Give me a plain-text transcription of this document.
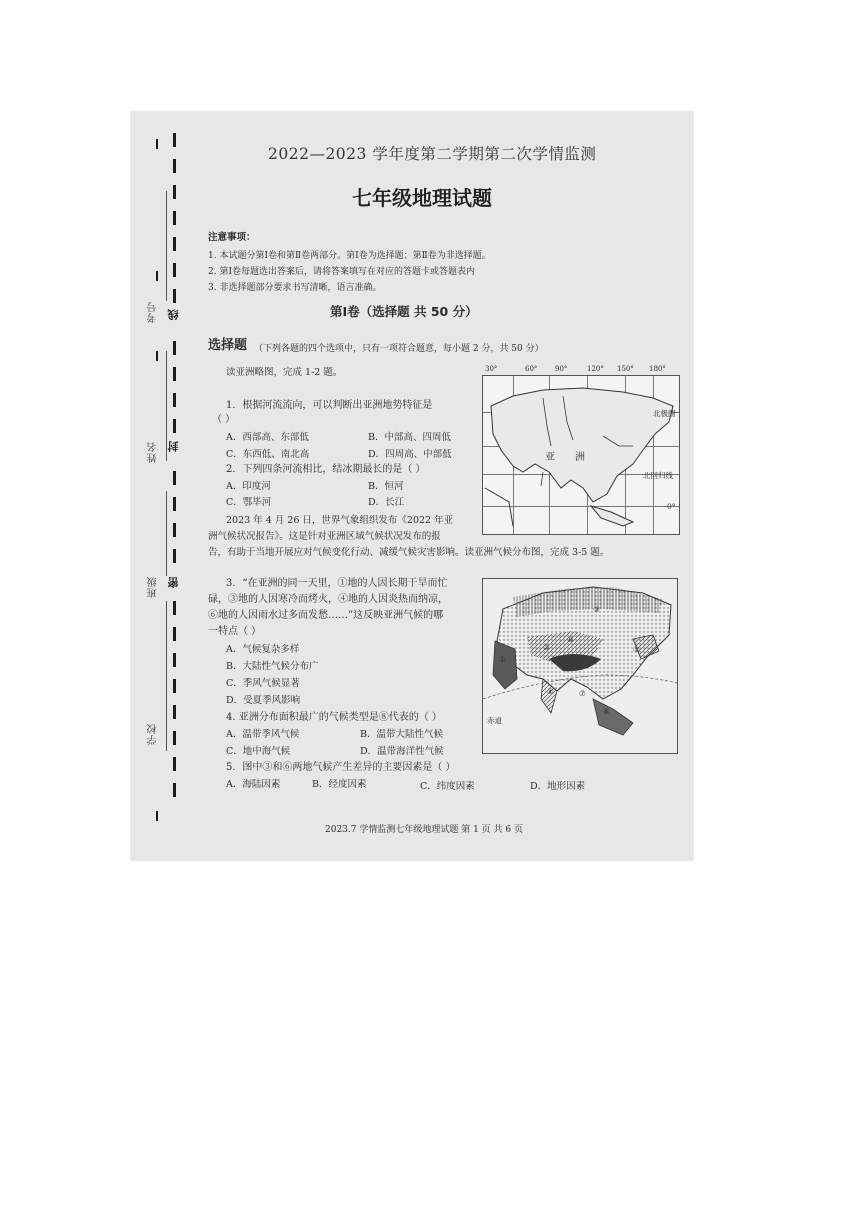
考号
姓名
班级
学校
线
封
密
2022—2023 学年度第二学期第二次学情监测
七年级地理试题
注意事项：
1. 本试题分第Ⅰ卷和第Ⅱ卷两部分。第Ⅰ卷为选择题；第Ⅱ卷为非选择题。
2. 第Ⅰ卷每题选出答案后，请将答案填写在对应的答题卡或答题表内
3. 非选择题部分要求书写清晰，语言准确。
第Ⅰ卷（选择题 共 50 分）
选择题 （下列各题的四个选项中，只有一项符合题意，每小题 2 分，共 50 分）
读亚洲略图，完成 1-2 题。
1．根据河流流向，可以判断出亚洲地势特征是
（ ）
A．西部高、东部低	B．中部高、四周低
C．东西低、南北高	D．四周高、中部低
2．下列四条河流相比，结冰期最长的是（ ）
A．印度河	B．恒河
C．鄂毕河	D．长江
2023 年 4 月 26 日，世界气象组织发布《2022 年亚
洲气候状况报告》。这是针对亚洲区域气候状况发布的报
告，有助于当地开展应对气候变化行动、减缓气候灾害影响。读亚洲气候分布图，完成 3-5 题。
3．“在亚洲的同一天里，①地的人因长期干旱而忙
碌，③地的人因寒冷而烤火，④地的人因炎热而纳凉，
⑥地的人因雨水过多而发愁……”这反映亚洲气候的哪
一特点（ ）
A．气候复杂多样
B．大陆性气候分布广
C．季风气候显著
D．受夏季风影响
4. 亚洲分布面积最广的气候类型是⑧代表的（ ）
A．温带季风气候	B．温带大陆性气候
C．地中海气候	D．温带海洋性气候
5．图中③和⑥两地气候产生差异的主要因素是（ ）
A．海陆因素	B．经度因素	C．纬度因素	D．地形因素
2023.7 学情监测七年级地理试题 第 1 页 共 6 页
30°	60°	90°	120° 150° 180°
北极圈
北回归线
0°
亚 洲
赤道
①
②
③
④
⑤
⑥
⑦
⑧
